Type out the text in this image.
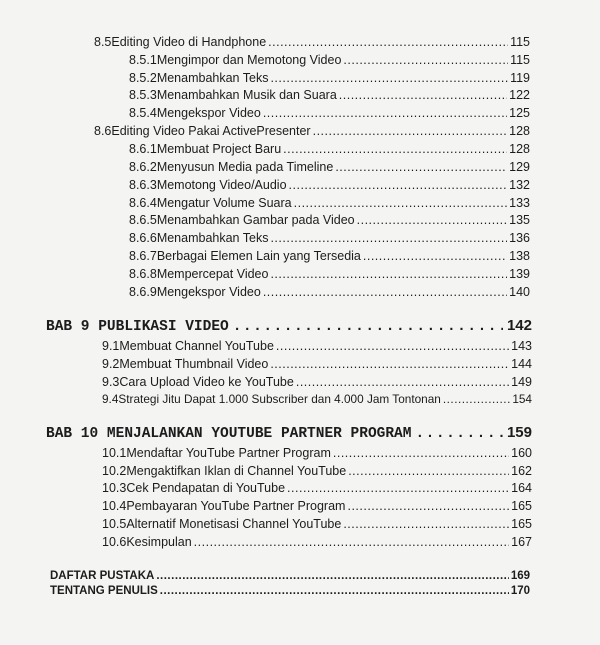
8.5 Editing Video di Handphone .....	115
8.5.1 Mengimpor dan Memotong Video .....	115
8.5.2 Menambahkan Teks .....	119
8.5.3 Menambahkan Musik dan Suara .....	122
8.5.4 Mengekspor Video .....	125
8.6 Editing Video Pakai ActivePresenter .....	128
8.6.1 Membuat Project Baru .....	128
8.6.2 Menyusun Media pada Timeline .....	129
8.6.3 Memotong Video/Audio .....	132
8.6.4 Mengatur Volume Suara .....	133
8.6.5 Menambahkan Gambar pada Video .....	135
8.6.6 Menambahkan Teks .....	136
8.6.7 Berbagai Elemen Lain yang Tersedia .....	138
8.6.8 Mempercepat Video .....	139
8.6.9 Mengekspor Video .....	140
BAB 9 PUBLIKASI VIDEO .....	142
9.1 Membuat Channel YouTube .....	143
9.2 Membuat Thumbnail Video .....	144
9.3 Cara Upload Video ke YouTube .....	149
9.4 Strategi Jitu Dapat 1.000 Subscriber dan 4.000 Jam Tontonan .....	154
BAB 10 MENJALANKAN YOUTUBE PARTNER PROGRAM .....	159
10.1 Mendaftar YouTube Partner Program .....	160
10.2 Mengaktifkan Iklan di Channel YouTube .....	162
10.3 Cek Pendapatan di YouTube .....	164
10.4 Pembayaran YouTube Partner Program .....	165
10.5 Alternatif Monetisasi Channel YouTube .....	165
10.6 Kesimpulan .....	167
DAFTAR PUSTAKA .....	169
TENTANG PENULIS .....	170
